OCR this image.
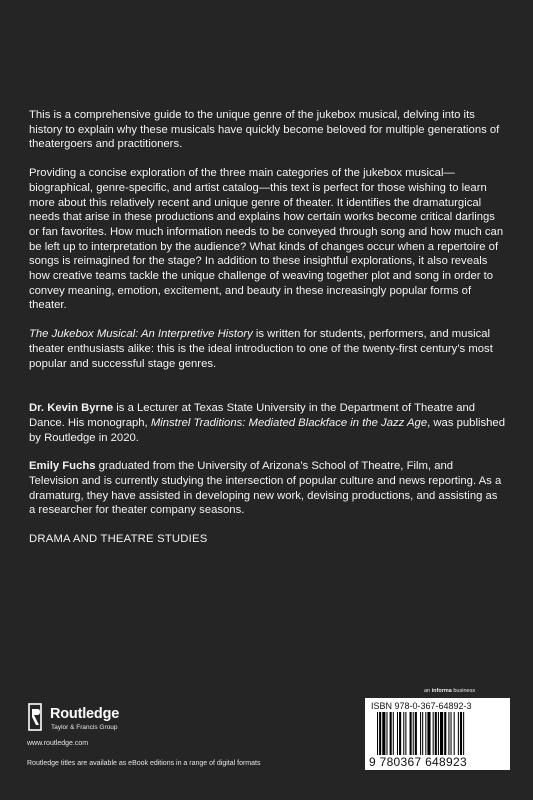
This is a comprehensive guide to the unique genre of the jukebox musical, delving into its history to explain why these musicals have quickly become beloved for multiple generations of theatergoers and practitioners.

Providing a concise exploration of the three main categories of the jukebox musical—biographical, genre-specific, and artist catalog—this text is perfect for those wishing to learn more about this relatively recent and unique genre of theater. It identifies the dramaturgical needs that arise in these productions and explains how certain works become critical darlings or fan favorites. How much information needs to be conveyed through song and how much can be left up to interpretation by the audience? What kinds of changes occur when a repertoire of songs is reimagined for the stage? In addition to these insightful explorations, it also reveals how creative teams tackle the unique challenge of weaving together plot and song in order to convey meaning, emotion, excitement, and beauty in these increasingly popular forms of theater.

The Jukebox Musical: An Interpretive History is written for students, performers, and musical theater enthusiasts alike: this is the ideal introduction to one of the twenty-first century’s most popular and successful stage genres.

Dr. Kevin Byrne is a Lecturer at Texas State University in the Department of Theatre and Dance. His monograph, Minstrel Traditions: Mediated Blackface in the Jazz Age, was published by Routledge in 2020.

Emily Fuchs graduated from the University of Arizona’s School of Theatre, Film, and Television and is currently studying the intersection of popular culture and news reporting. As a dramaturg, they have assisted in developing new work, devising productions, and assisting as a researcher for theater company seasons.

DRAMA AND THEATRE STUDIES
an informa business
Routledge
Taylor & Francis Group
www.routledge.com
Routledge titles are available as eBook editions in a range of digital formats
ISBN 978-0-367-64892-3
9 780367 648923
